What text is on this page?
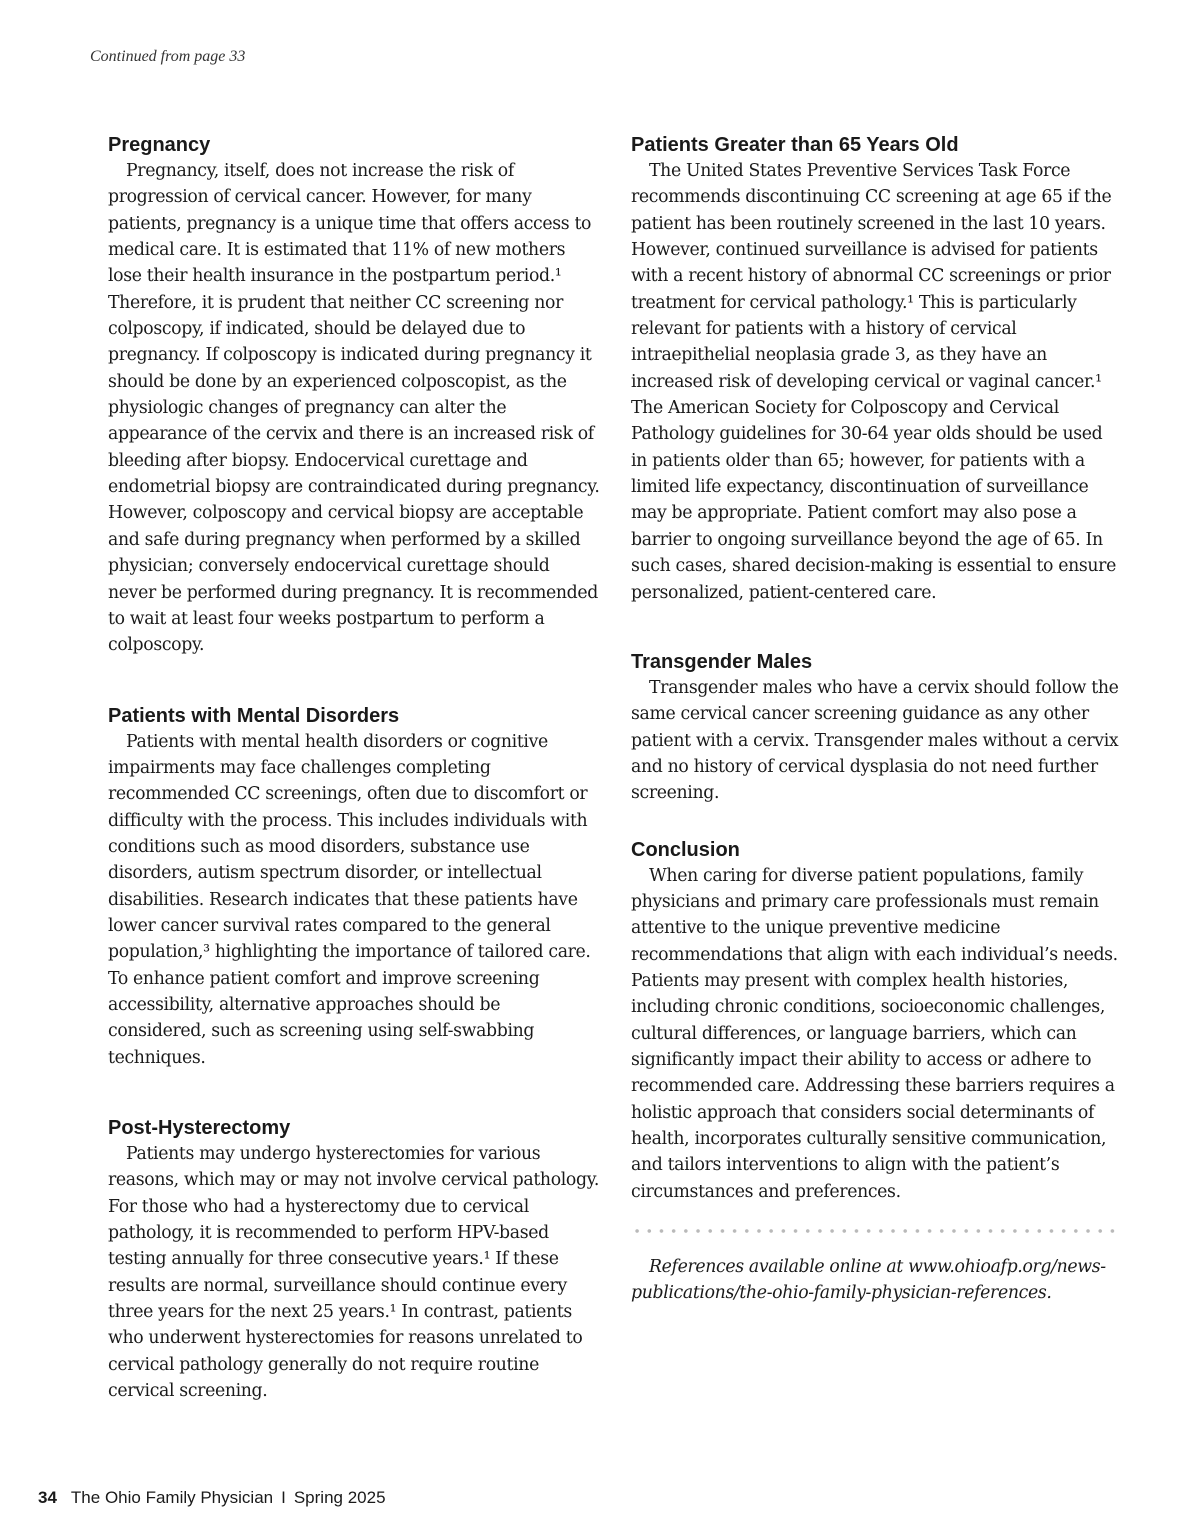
Continued from page 33
Pregnancy

Pregnancy, itself, does not increase the risk of progression of cervical cancer. However, for many patients, pregnancy is a unique time that offers access to medical care. It is estimated that 11% of new mothers lose their health insurance in the postpartum period.¹ Therefore, it is prudent that neither CC screening nor colposcopy, if indicated, should be delayed due to pregnancy. If colposcopy is indicated during pregnancy it should be done by an experienced colposcopist, as the physiologic changes of pregnancy can alter the appearance of the cervix and there is an increased risk of bleeding after biopsy. Endocervical curettage and endometrial biopsy are contraindicated during pregnancy. However, colposcopy and cervical biopsy are acceptable and safe during pregnancy when performed by a skilled physician; conversely endocervical curettage should never be performed during pregnancy. It is recommended to wait at least four weeks postpartum to perform a colposcopy.

Patients with Mental Disorders

Patients with mental health disorders or cognitive impairments may face challenges completing recommended CC screenings, often due to discomfort or difficulty with the process. This includes individuals with conditions such as mood disorders, substance use disorders, autism spectrum disorder, or intellectual disabilities. Research indicates that these patients have lower cancer survival rates compared to the general population,³ highlighting the importance of tailored care. To enhance patient comfort and improve screening accessibility, alternative approaches should be considered, such as screening using self-swabbing techniques.

Post-Hysterectomy

Patients may undergo hysterectomies for various reasons, which may or may not involve cervical pathology. For those who had a hysterectomy due to cervical pathology, it is recommended to perform HPV-based testing annually for three consecutive years.¹ If these results are normal, surveillance should continue every three years for the next 25 years.¹ In contrast, patients who underwent hysterectomies for reasons unrelated to cervical pathology generally do not require routine cervical screening.

Patients Greater than 65 Years Old

The United States Preventive Services Task Force recommends discontinuing CC screening at age 65 if the patient has been routinely screened in the last 10 years. However, continued surveillance is advised for patients with a recent history of abnormal CC screenings or prior treatment for cervical pathology.¹ This is particularly relevant for patients with a history of cervical intraepithelial neoplasia grade 3, as they have an increased risk of developing cervical or vaginal cancer.¹ The American Society for Colposcopy and Cervical Pathology guidelines for 30-64 year olds should be used in patients older than 65; however, for patients with a limited life expectancy, discontinuation of surveillance may be appropriate. Patient comfort may also pose a barrier to ongoing surveillance beyond the age of 65. In such cases, shared decision-making is essential to ensure personalized, patient-centered care.

Transgender Males

Transgender males who have a cervix should follow the same cervical cancer screening guidance as any other patient with a cervix. Transgender males without a cervix and no history of cervical dysplasia do not need further screening.

Conclusion

When caring for diverse patient populations, family physicians and primary care professionals must remain attentive to the unique preventive medicine recommendations that align with each individual’s needs. Patients may present with complex health histories, including chronic conditions, socioeconomic challenges, cultural differences, or language barriers, which can significantly impact their ability to access or adhere to recommended care. Addressing these barriers requires a holistic approach that considers social determinants of health, incorporates culturally sensitive communication, and tailors interventions to align with the patient’s circumstances and preferences.

References available online at www.ohioafp.org/news-publications/the-ohio-family-physician-references.

34 The Ohio Family Physician I Spring 2025
